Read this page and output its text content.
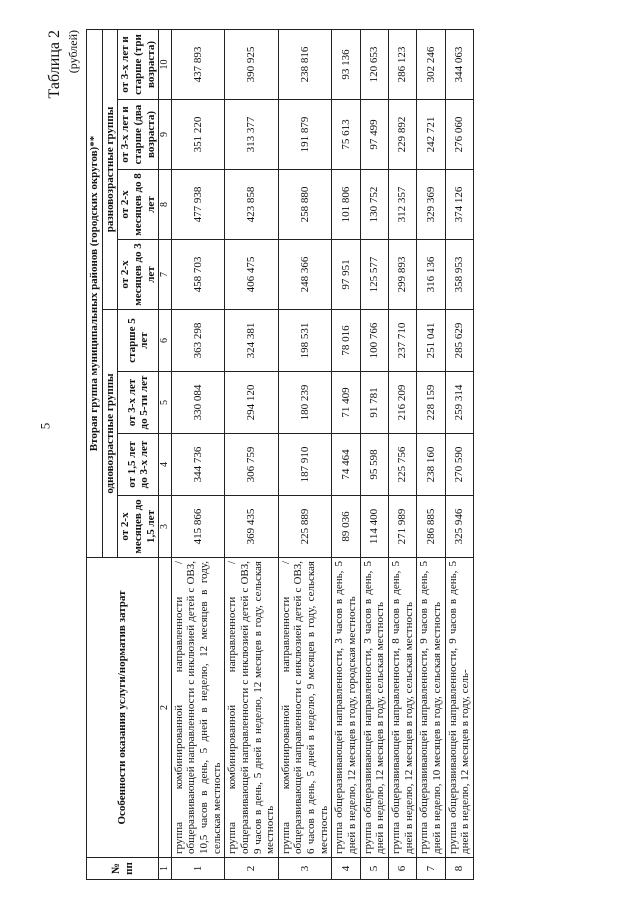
5
Таблица 2 (рублей)
№ пп	Особенности оказания услуги/норматив затрат	Вторая группа муниципальных районов (городских округов)**							
		одновозрастные группы				разновозрастные группы			
		от 2-х месяцев до 1,5 лет	от 1,5 лет до 3-х лет	от 3-х лет до 5-ти лет	старше 5 лет	от 2-х месяцев до 3 лет	от 2-х месяцев до 8 лет	от 3-х лет и старше (два возраста)	от 3-х лет и старше (три возраста)
1	2	3	4	5	6	7	8	9	10
1	группа комбинированной направленности / общеразвивающей направленности с инклюзией детей с ОВЗ, 10,5 часов в день, 5 дней в неделю, 12 месяцев в году, сельская местность	415 866	344 736	330 084	363 298	458 703	477 938	351 220	437 893
2	группа комбинированной направленности / общеразвивающей направленности с инклюзией детей с ОВЗ, 9 часов в день, 5 дней в неделю, 12 месяцев в году, сельская местность	369 435	306 759	294 120	324 381	406 475	423 858	313 377	390 925
3	группа комбинированной направленности / общеразвивающей направленности с инклюзией детей с ОВЗ, 6 часов в день, 5 дней в неделю, 9 месяцев в году, сельская местность	225 889	187 910	180 239	198 531	248 366	258 880	191 879	238 816
4	группа общеразвивающей направленности, 3 часов в день, 5 дней в неделю, 12 месяцев в году, городская местность	89 036	74 464	71 409	78 016	97 951	101 806	75 613	93 136
5	группа общеразвивающей направленности, 3 часов в день, 5 дней в неделю, 12 месяцев в году, сельская местность	114 400	95 598	91 781	100 766	125 577	130 752	97 499	120 653
6	группа общеразвивающей направленности, 8 часов в день, 5 дней в неделю, 12 месяцев в году, сельская местность	271 989	225 756	216 209	237 710	299 893	312 357	229 892	286 123
7	группа общеразвивающей направленности, 9 часов в день, 5 дней в неделю, 10 месяцев в году, сельская местность	286 885	238 160	228 159	251 041	316 136	329 369	242 721	302 246
8	группа общеразвивающей направленности, 9 часов в день, 5 дней в неделю, 12 месяцев в году, сель-	325 946	270 590	259 314	285 629	358 953	374 126	276 060	344 063
